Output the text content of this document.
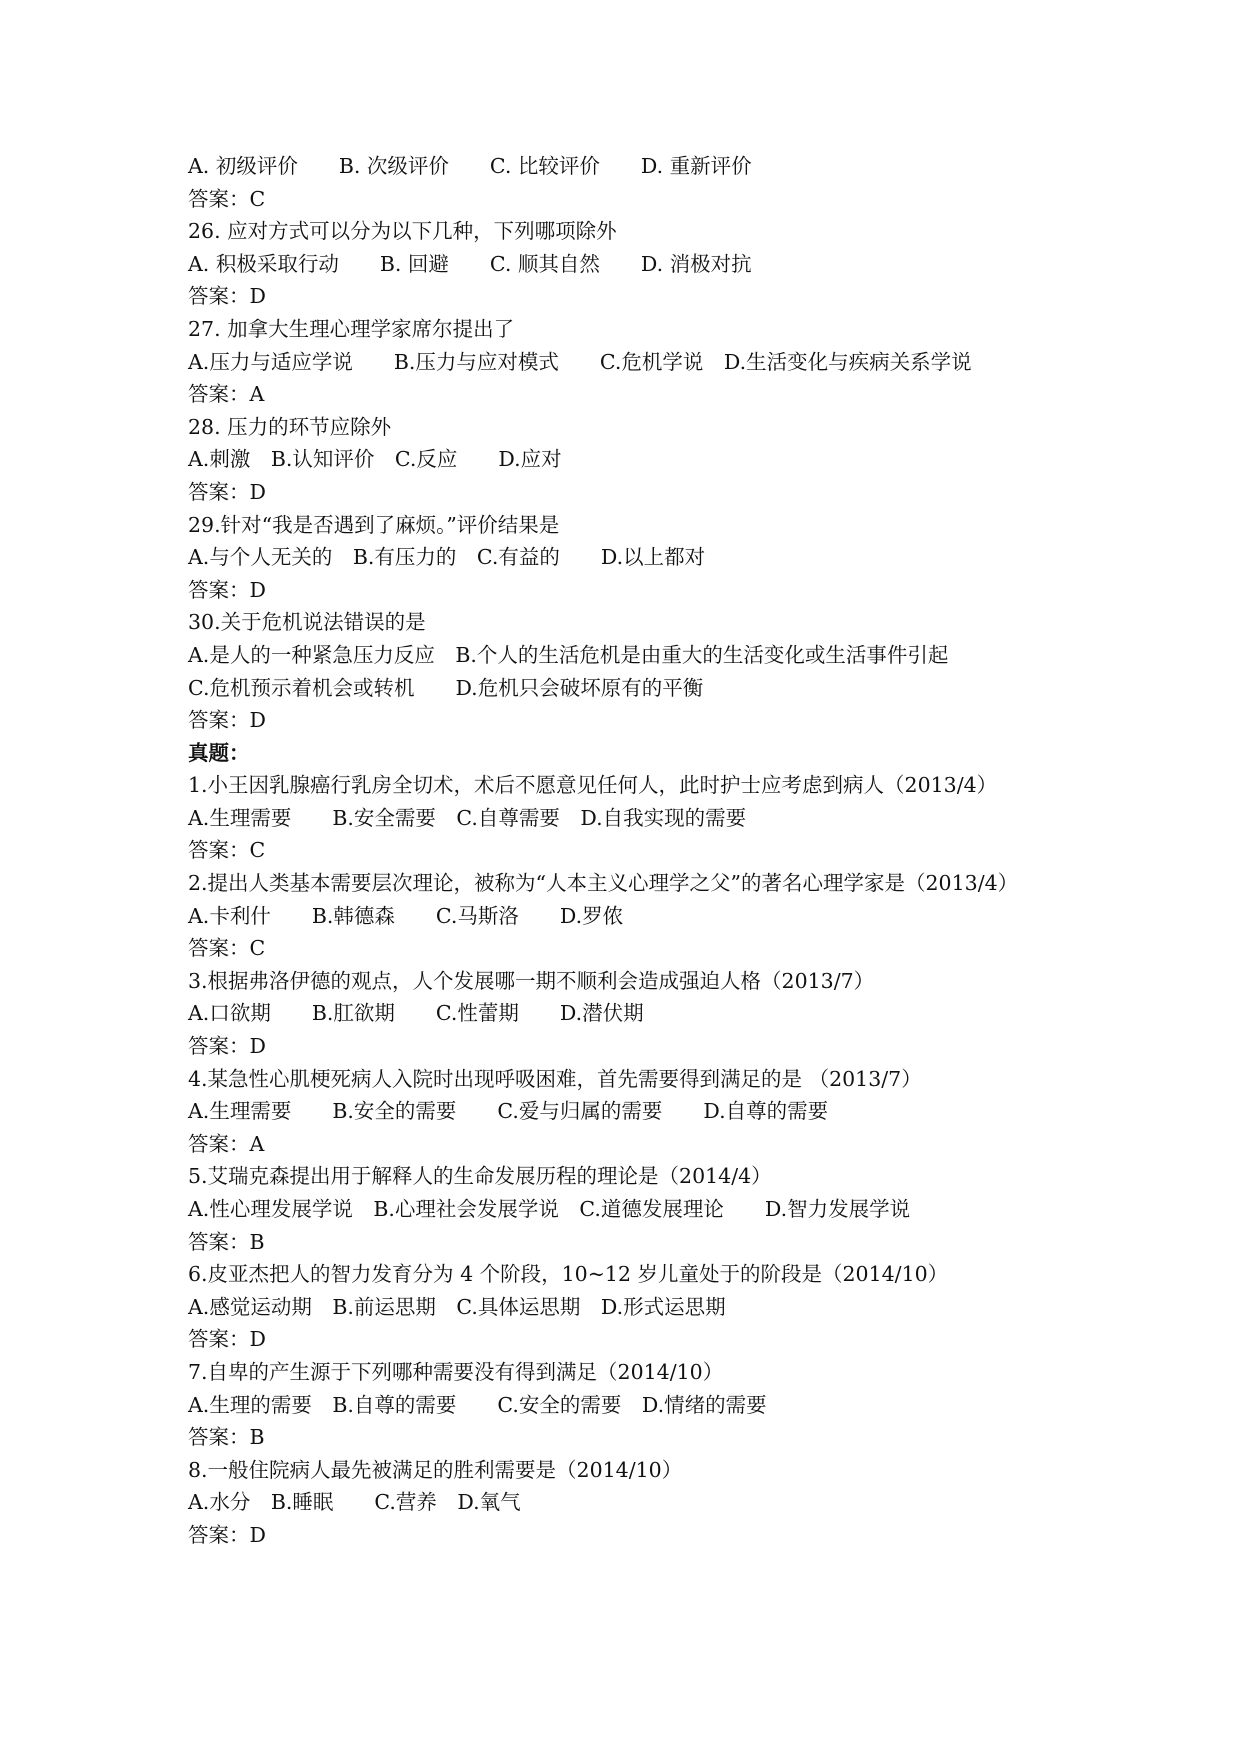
A. 初级评价　　B. 次级评价　　C. 比较评价　　D. 重新评价
答案：C
26. 应对方式可以分为以下几种，下列哪项除外
A. 积极采取行动　　B. 回避　　C. 顺其自然　　D. 消极对抗
答案：D
27. 加拿大生理心理学家席尔提出了
A.压力与适应学说　　B.压力与应对模式　　C.危机学说　D.生活变化与疾病关系学说
答案：A
28. 压力的环节应除外
A.刺激　B.认知评价　C.反应　　D.应对
答案：D
29.针对“我是否遇到了麻烦。”评价结果是
A.与个人无关的　B.有压力的　C.有益的　　D.以上都对
答案：D
30.关于危机说法错误的是
A.是人的一种紧急压力反应　B.个人的生活危机是由重大的生活变化或生活事件引起
C.危机预示着机会或转机　　D.危机只会破坏原有的平衡
答案：D
真题：
1.小王因乳腺癌行乳房全切术，术后不愿意见任何人，此时护士应考虑到病人（2013/4）
A.生理需要　　B.安全需要　C.自尊需要　D.自我实现的需要
答案：C
2.提出人类基本需要层次理论，被称为“人本主义心理学之父”的著名心理学家是（2013/4）
A.卡利什　　B.韩德森　　C.马斯洛　　D.罗侬
答案：C
3.根据弗洛伊德的观点，人个发展哪一期不顺利会造成强迫人格（2013/7）
A.口欲期　　B.肛欲期　　C.性蕾期　　D.潜伏期
答案：D
4.某急性心肌梗死病人入院时出现呼吸困难，首先需要得到满足的是 （2013/7）
A.生理需要　　B.安全的需要　　C.爱与归属的需要　　D.自尊的需要
答案：A
5.艾瑞克森提出用于解释人的生命发展历程的理论是（2014/4）
A.性心理发展学说　B.心理社会发展学说　C.道德发展理论　　D.智力发展学说
答案：B
6.皮亚杰把人的智力发育分为 4 个阶段，10~12 岁儿童处于的阶段是（2014/10）
A.感觉运动期　B.前运思期　C.具体运思期　D.形式运思期
答案：D
7.自卑的产生源于下列哪种需要没有得到满足（2014/10）
A.生理的需要　B.自尊的需要　　C.安全的需要　D.情绪的需要
答案：B
8.一般住院病人最先被满足的胜利需要是（2014/10）
A.水分　B.睡眠　　C.营养　D.氧气
答案：D
